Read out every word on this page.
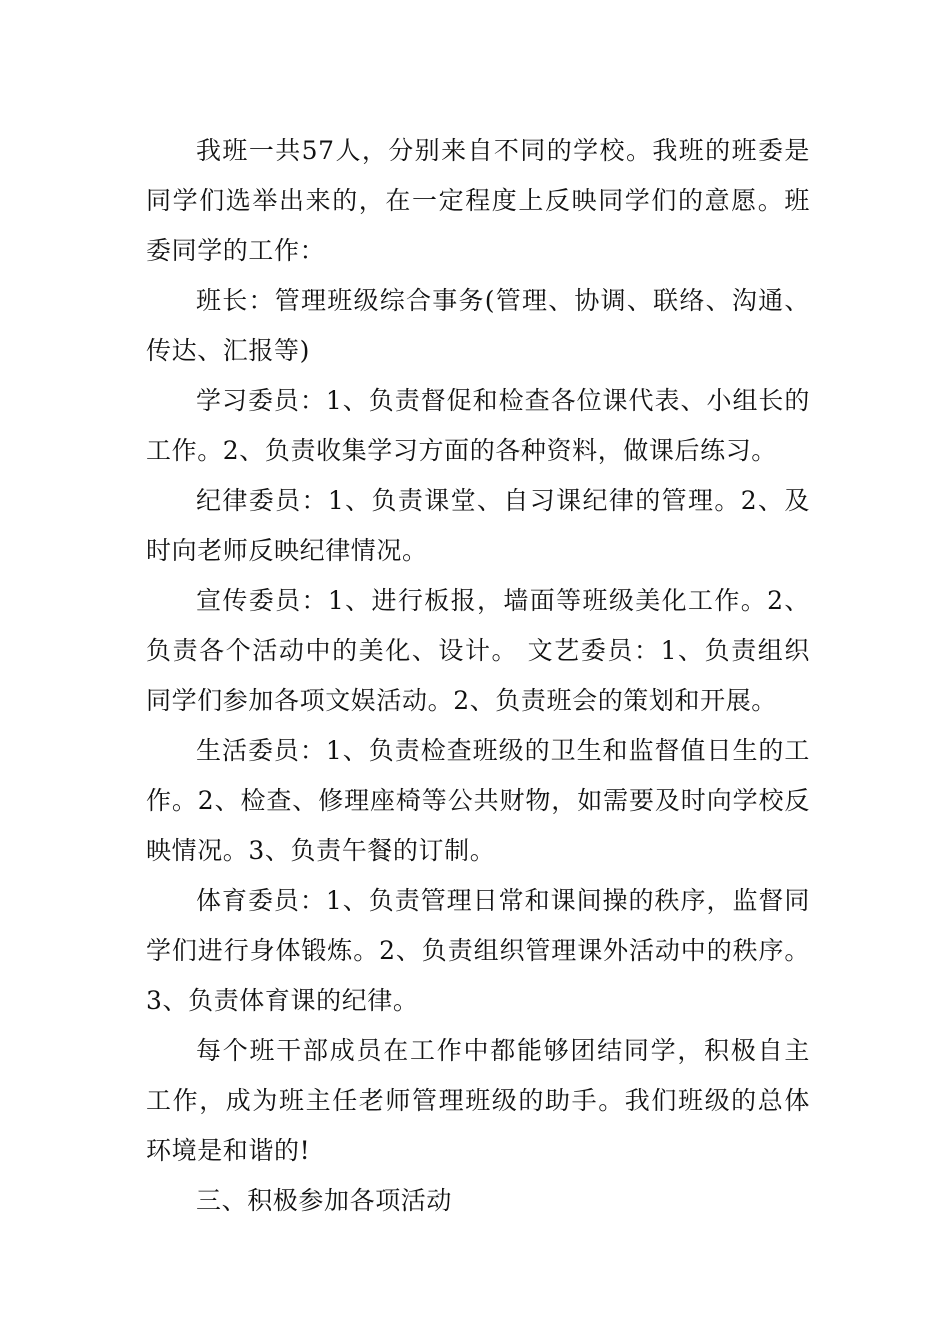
我班一共57人，分别来自不同的学校。我班的班委是同学们选举出来的，在一定程度上反映同学们的意愿。班委同学的工作：

班长：管理班级综合事务(管理、协调、联络、沟通、传达、汇报等)

学习委员：1、负责督促和检查各位课代表、小组长的工作。2、负责收集学习方面的各种资料，做课后练习。

纪律委员：1、负责课堂、自习课纪律的管理。2、及时向老师反映纪律情况。

宣传委员：1、进行板报，墙面等班级美化工作。2、负责各个活动中的美化、设计。 文艺委员：1、负责组织同学们参加各项文娱活动。2、负责班会的策划和开展。

生活委员：1、负责检查班级的卫生和监督值日生的工作。2、检查、修理座椅等公共财物，如需要及时向学校反映情况。3、负责午餐的订制。

体育委员：1、负责管理日常和课间操的秩序，监督同学们进行身体锻炼。2、负责组织管理课外活动中的秩序。3、负责体育课的纪律。

每个班干部成员在工作中都能够团结同学，积极自主工作，成为班主任老师管理班级的助手。我们班级的总体环境是和谐的!

三、积极参加各项活动
